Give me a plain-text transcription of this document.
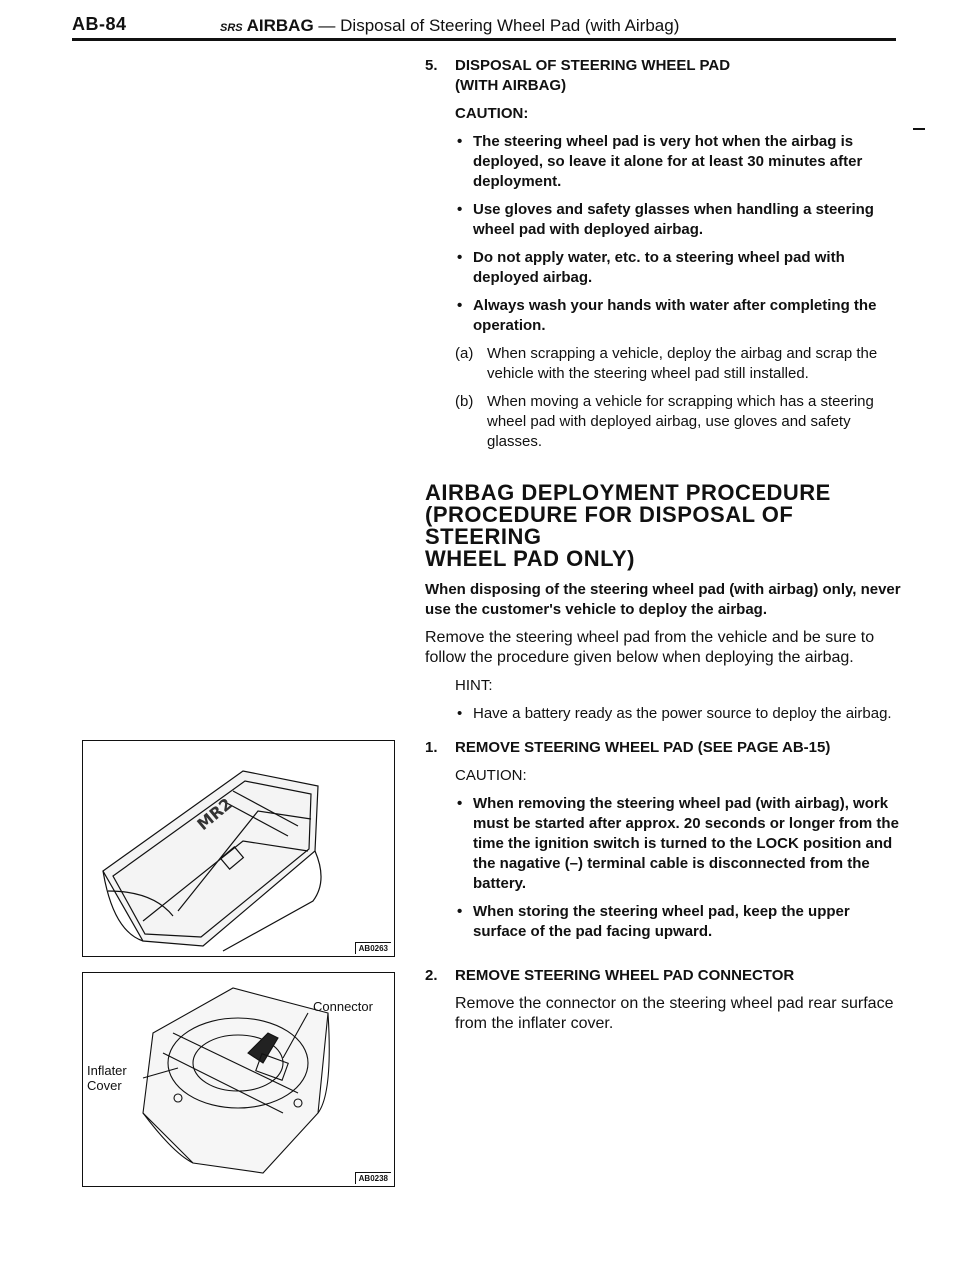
AB-84	SRS AIRBAG — Disposal of Steering Wheel Pad (with Airbag)
5.	DISPOSAL OF STEERING WHEEL PAD
(WITH AIRBAG)
CAUTION:
• The steering wheel pad is very hot when the airbag is deployed, so leave it alone for at least 30 minutes after deployment.
• Use gloves and safety glasses when handling a steering wheel pad with deployed airbag.
• Do not apply water, etc. to a steering wheel pad with deployed airbag.
• Always wash your hands with water after completing the operation.
(a) When scrapping a vehicle, deploy the airbag and scrap the vehicle with the steering wheel pad still installed.
(b) When moving a vehicle for scrapping which has a steering wheel pad with deployed airbag, use gloves and safety glasses.
AIRBAG DEPLOYMENT PROCEDURE
(PROCEDURE FOR DISPOSAL OF STEERING
WHEEL PAD ONLY)
When disposing of the steering wheel pad (with airbag) only, never use the customer's vehicle to deploy the airbag.
Remove the steering wheel pad from the vehicle and be sure to follow the procedure given below when deploying the airbag.
HINT:
• Have a battery ready as the power source to deploy the airbag.
1.	REMOVE STEERING WHEEL PAD (SEE PAGE AB-15)
CAUTION:
• When removing the steering wheel pad (with airbag), work must be started after approx. 20 seconds or longer from the time the ignition switch is turned to the LOCK position and the nagative (–) terminal cable is disconnected from the battery.
• When storing the steering wheel pad, keep the upper surface of the pad facing upward.
2.	REMOVE STEERING WHEEL PAD CONNECTOR
Remove the connector on the steering wheel pad rear surface from the inflater cover.
MR2
AB0263
Connector
Inflater
Cover
AB0238
